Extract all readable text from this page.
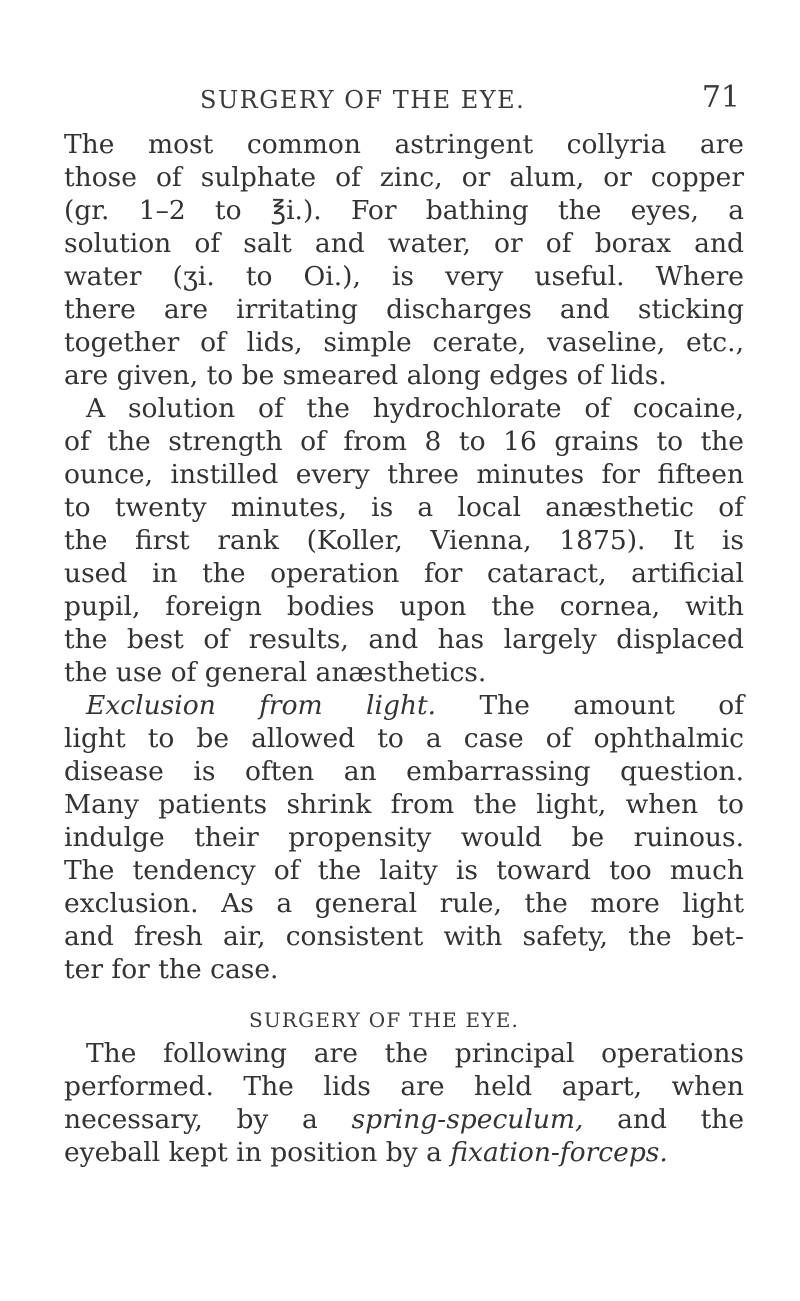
SURGERY OF THE EYE.	71
The most common astringent collyria are
those of sulphate of zinc, or alum, or copper
(gr. 1–2 to ℥i.). For bathing the eyes, a
solution of salt and water, or of borax and
water (ʒi. to Oi.), is very useful. Where
there are irritating discharges and sticking
together of lids, simple cerate, vaseline, etc.,
are given, to be smeared along edges of lids.
A solution of the hydrochlorate of cocaine,
of the strength of from 8 to 16 grains to the
ounce, instilled every three minutes for fifteen
to twenty minutes, is a local anæsthetic of
the first rank (Koller, Vienna, 1875). It is
used in the operation for cataract, artificial
pupil, foreign bodies upon the cornea, with
the best of results, and has largely displaced
the use of general anæsthetics.
Exclusion from light. The amount of
light to be allowed to a case of ophthalmic
disease is often an embarrassing question.
Many patients shrink from the light, when to
indulge their propensity would be ruinous.
The tendency of the laity is toward too much
exclusion. As a general rule, the more light
and fresh air, consistent with safety, the bet-
ter for the case.
SURGERY OF THE EYE.
The following are the principal operations
performed. The lids are held apart, when
necessary, by a spring-speculum, and the
eyeball kept in position by a fixation-forceps.
